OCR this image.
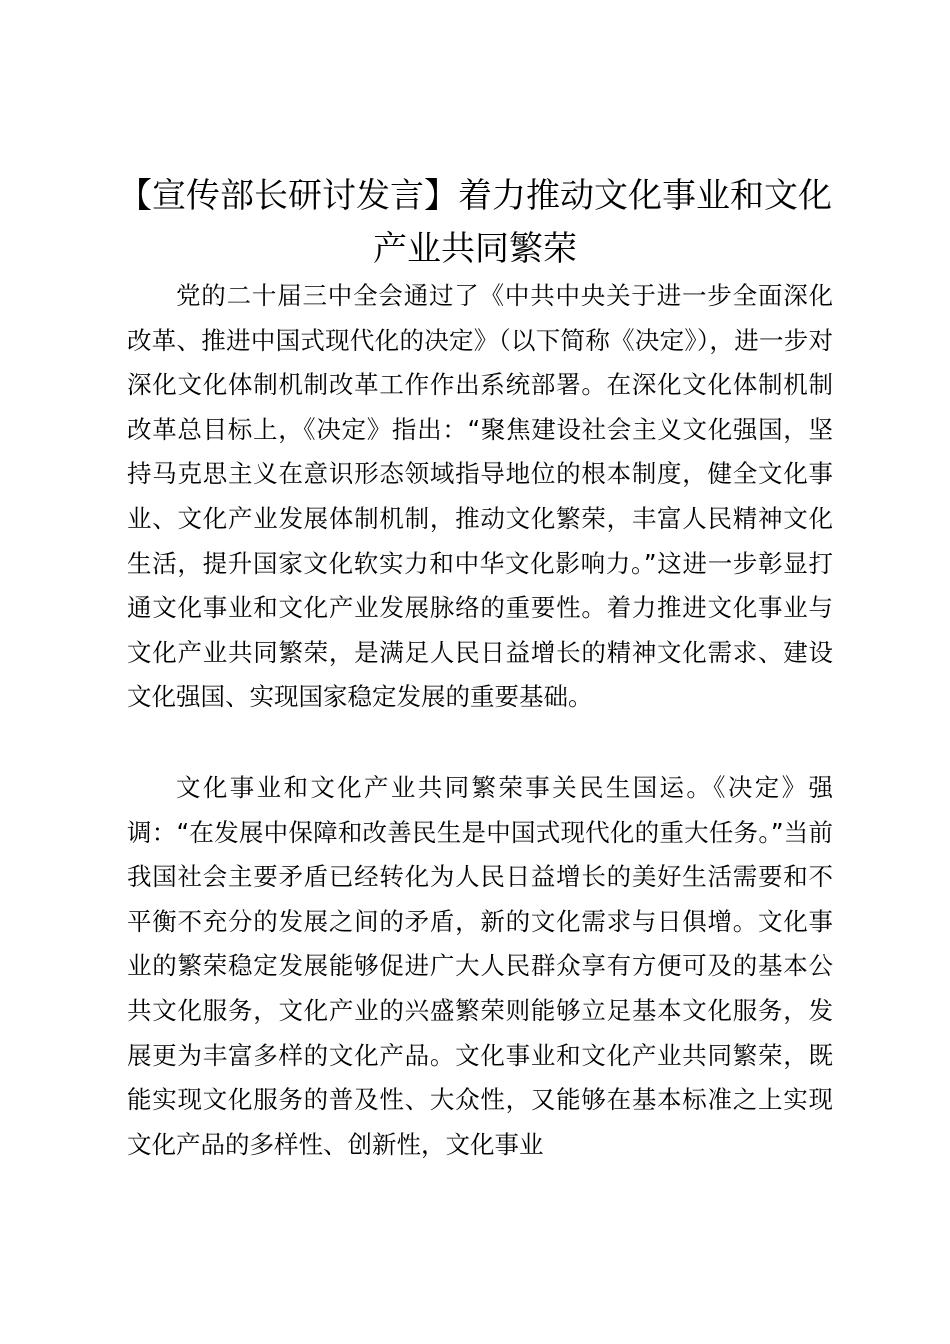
【宣传部长研讨发言】着力推动文化事业和文化产业共同繁荣

党的二十届三中全会通过了《中共中央关于进一步全面深化改革、推进中国式现代化的决定》（以下简称《决定》），进一步对深化文化体制机制改革工作作出系统部署。在深化文化体制机制改革总目标上，《决定》指出：“聚焦建设社会主义文化强国，坚持马克思主义在意识形态领域指导地位的根本制度，健全文化事业、文化产业发展体制机制，推动文化繁荣，丰富人民精神文化生活，提升国家文化软实力和中华文化影响力。”这进一步彰显打通文化事业和文化产业发展脉络的重要性。着力推进文化事业与文化产业共同繁荣，是满足人民日益增长的精神文化需求、建设文化强国、实现国家稳定发展的重要基础。

文化事业和文化产业共同繁荣事关民生国运。《决定》强调：“在发展中保障和改善民生是中国式现代化的重大任务。”当前我国社会主要矛盾已经转化为人民日益增长的美好生活需要和不平衡不充分的发展之间的矛盾，新的文化需求与日俱增。文化事业的繁荣稳定发展能够促进广大人民群众享有方便可及的基本公共文化服务，文化产业的兴盛繁荣则能够立足基本文化服务，发展更为丰富多样的文化产品。文化事业和文化产业共同繁荣，既能实现文化服务的普及性、大众性，又能够在基本标准之上实现文化产品的多样性、创新性，文化事业
